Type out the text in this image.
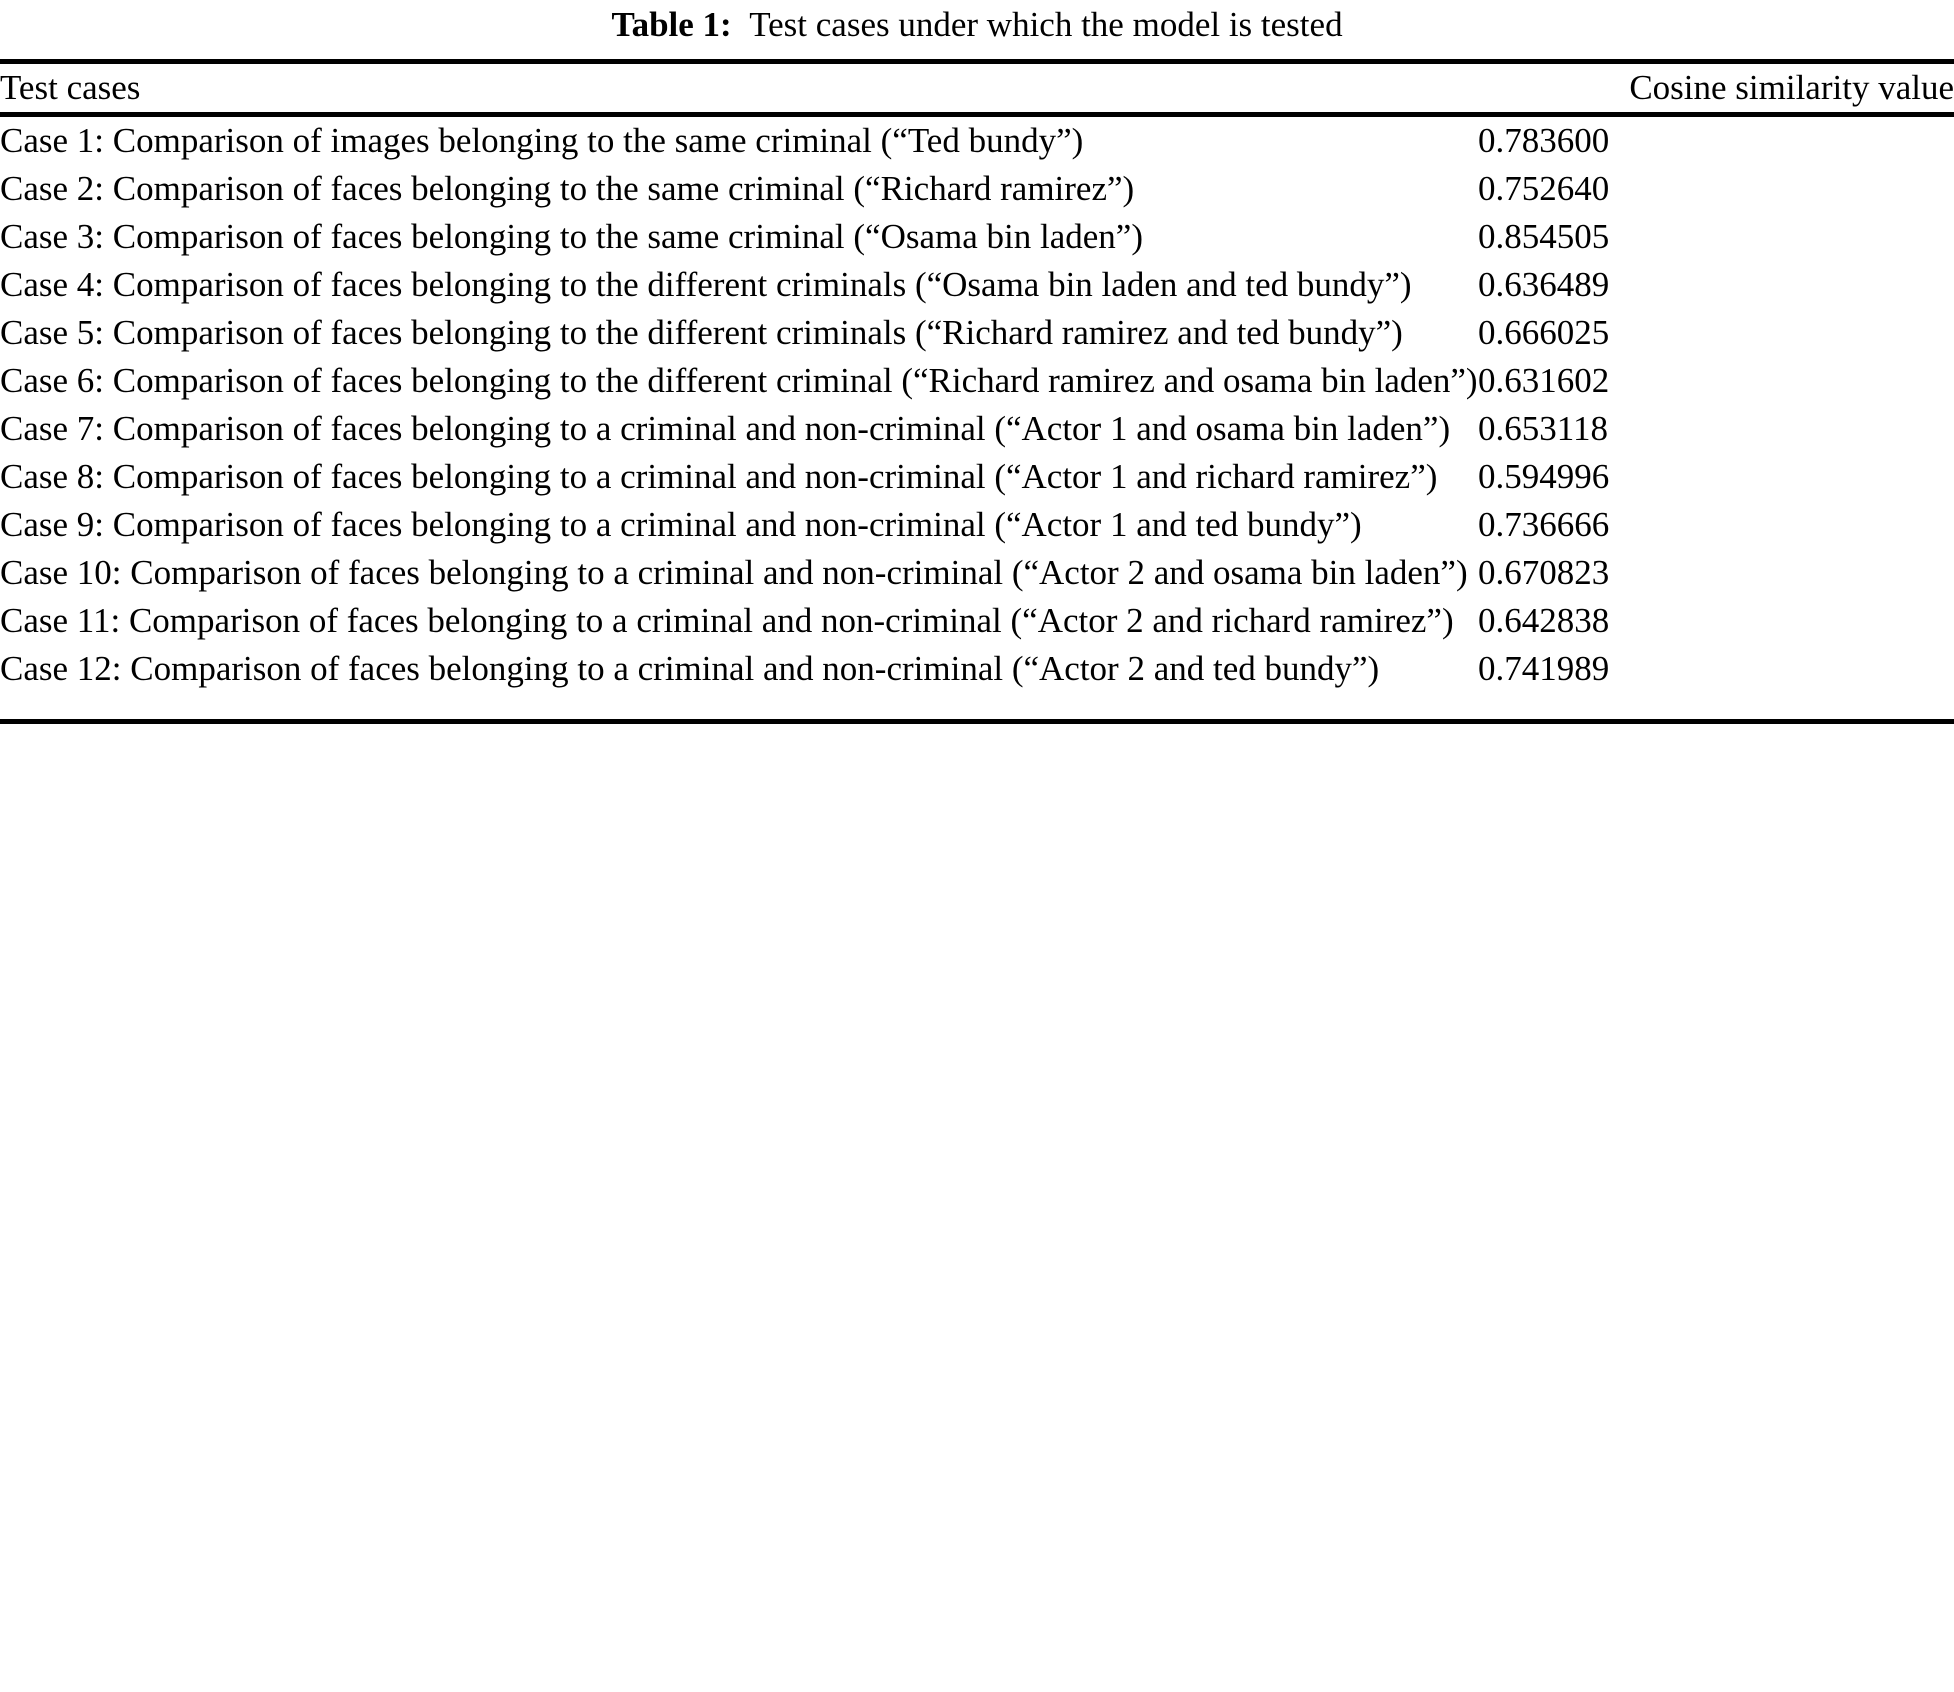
Table 1: Test cases under which the model is tested
Test cases	Cosine similarity value
Case 1: Comparison of images belonging to the same criminal (“Ted bundy”)	0.783600
Case 2: Comparison of faces belonging to the same criminal (“Richard ramirez”)	0.752640
Case 3: Comparison of faces belonging to the same criminal (“Osama bin laden”)	0.854505
Case 4: Comparison of faces belonging to the different criminals (“Osama bin laden and ted bundy”)	0.636489
Case 5: Comparison of faces belonging to the different criminals (“Richard ramirez and ted bundy”)	0.666025
Case 6: Comparison of faces belonging to the different criminal (“Richard ramirez and osama bin laden”)	0.631602
Case 7: Comparison of faces belonging to a criminal and non-criminal (“Actor 1 and osama bin laden”)	0.653118
Case 8: Comparison of faces belonging to a criminal and non-criminal (“Actor 1 and richard ramirez”)	0.594996
Case 9: Comparison of faces belonging to a criminal and non-criminal (“Actor 1 and ted bundy”)	0.736666
Case 10: Comparison of faces belonging to a criminal and non-criminal (“Actor 2 and osama bin laden”)	0.670823
Case 11: Comparison of faces belonging to a criminal and non-criminal (“Actor 2 and richard ramirez”)	0.642838
Case 12: Comparison of faces belonging to a criminal and non-criminal (“Actor 2 and ted bundy”)	0.741989
